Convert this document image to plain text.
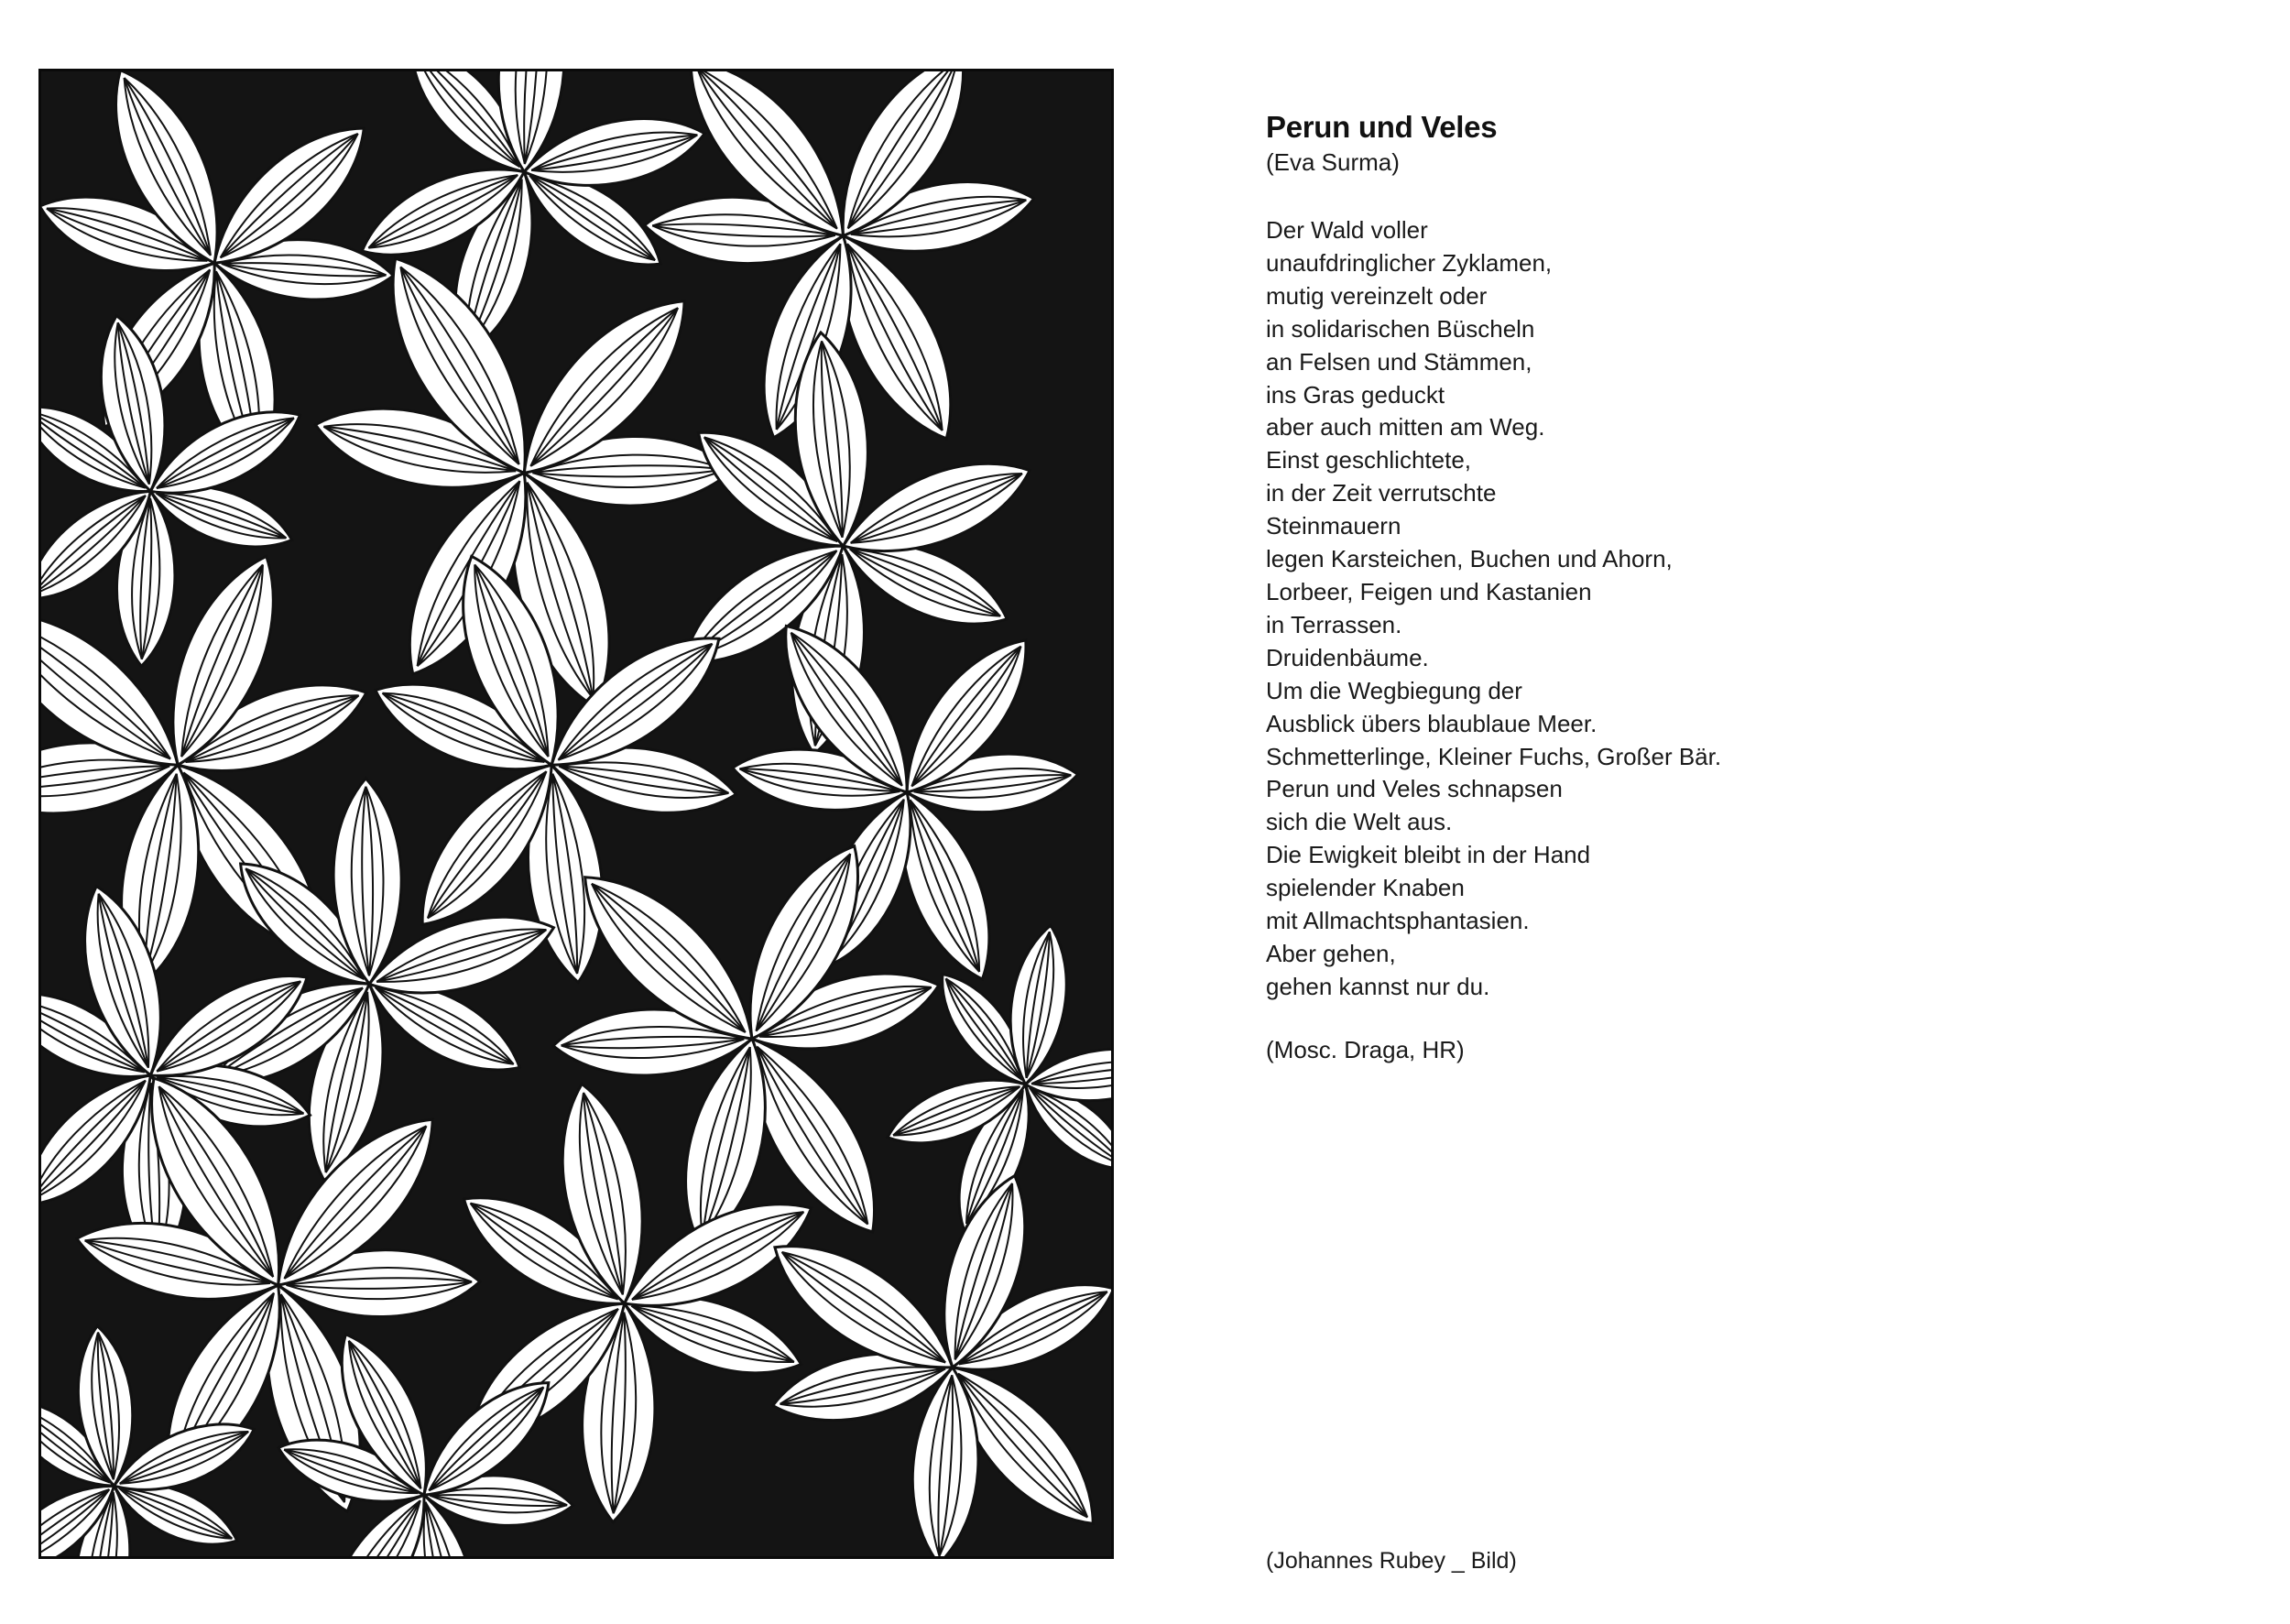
Perun und Veles
(Eva Surma)
Der Wald voller
unaufdringlicher Zyklamen,
mutig vereinzelt oder
in solidarischen Büscheln
an Felsen und Stämmen,
ins Gras geduckt
aber auch mitten am Weg.
Einst geschlichtete,
in der Zeit verrutschte
Steinmauern
legen Karsteichen, Buchen und Ahorn,
Lorbeer, Feigen und Kastanien
in Terrassen.
Druidenbäume.
Um die Wegbiegung der
Ausblick übers blaublaue Meer.
Schmetterlinge, Kleiner Fuchs, Großer Bär.
Perun und Veles schnapsen
sich die Welt aus.
Die Ewigkeit bleibt in der Hand
spielender Knaben
mit Allmachtsphantasien.
Aber gehen,
gehen kannst nur du.
(Mosc. Draga, HR)
(Johannes Rubey _ Bild)
